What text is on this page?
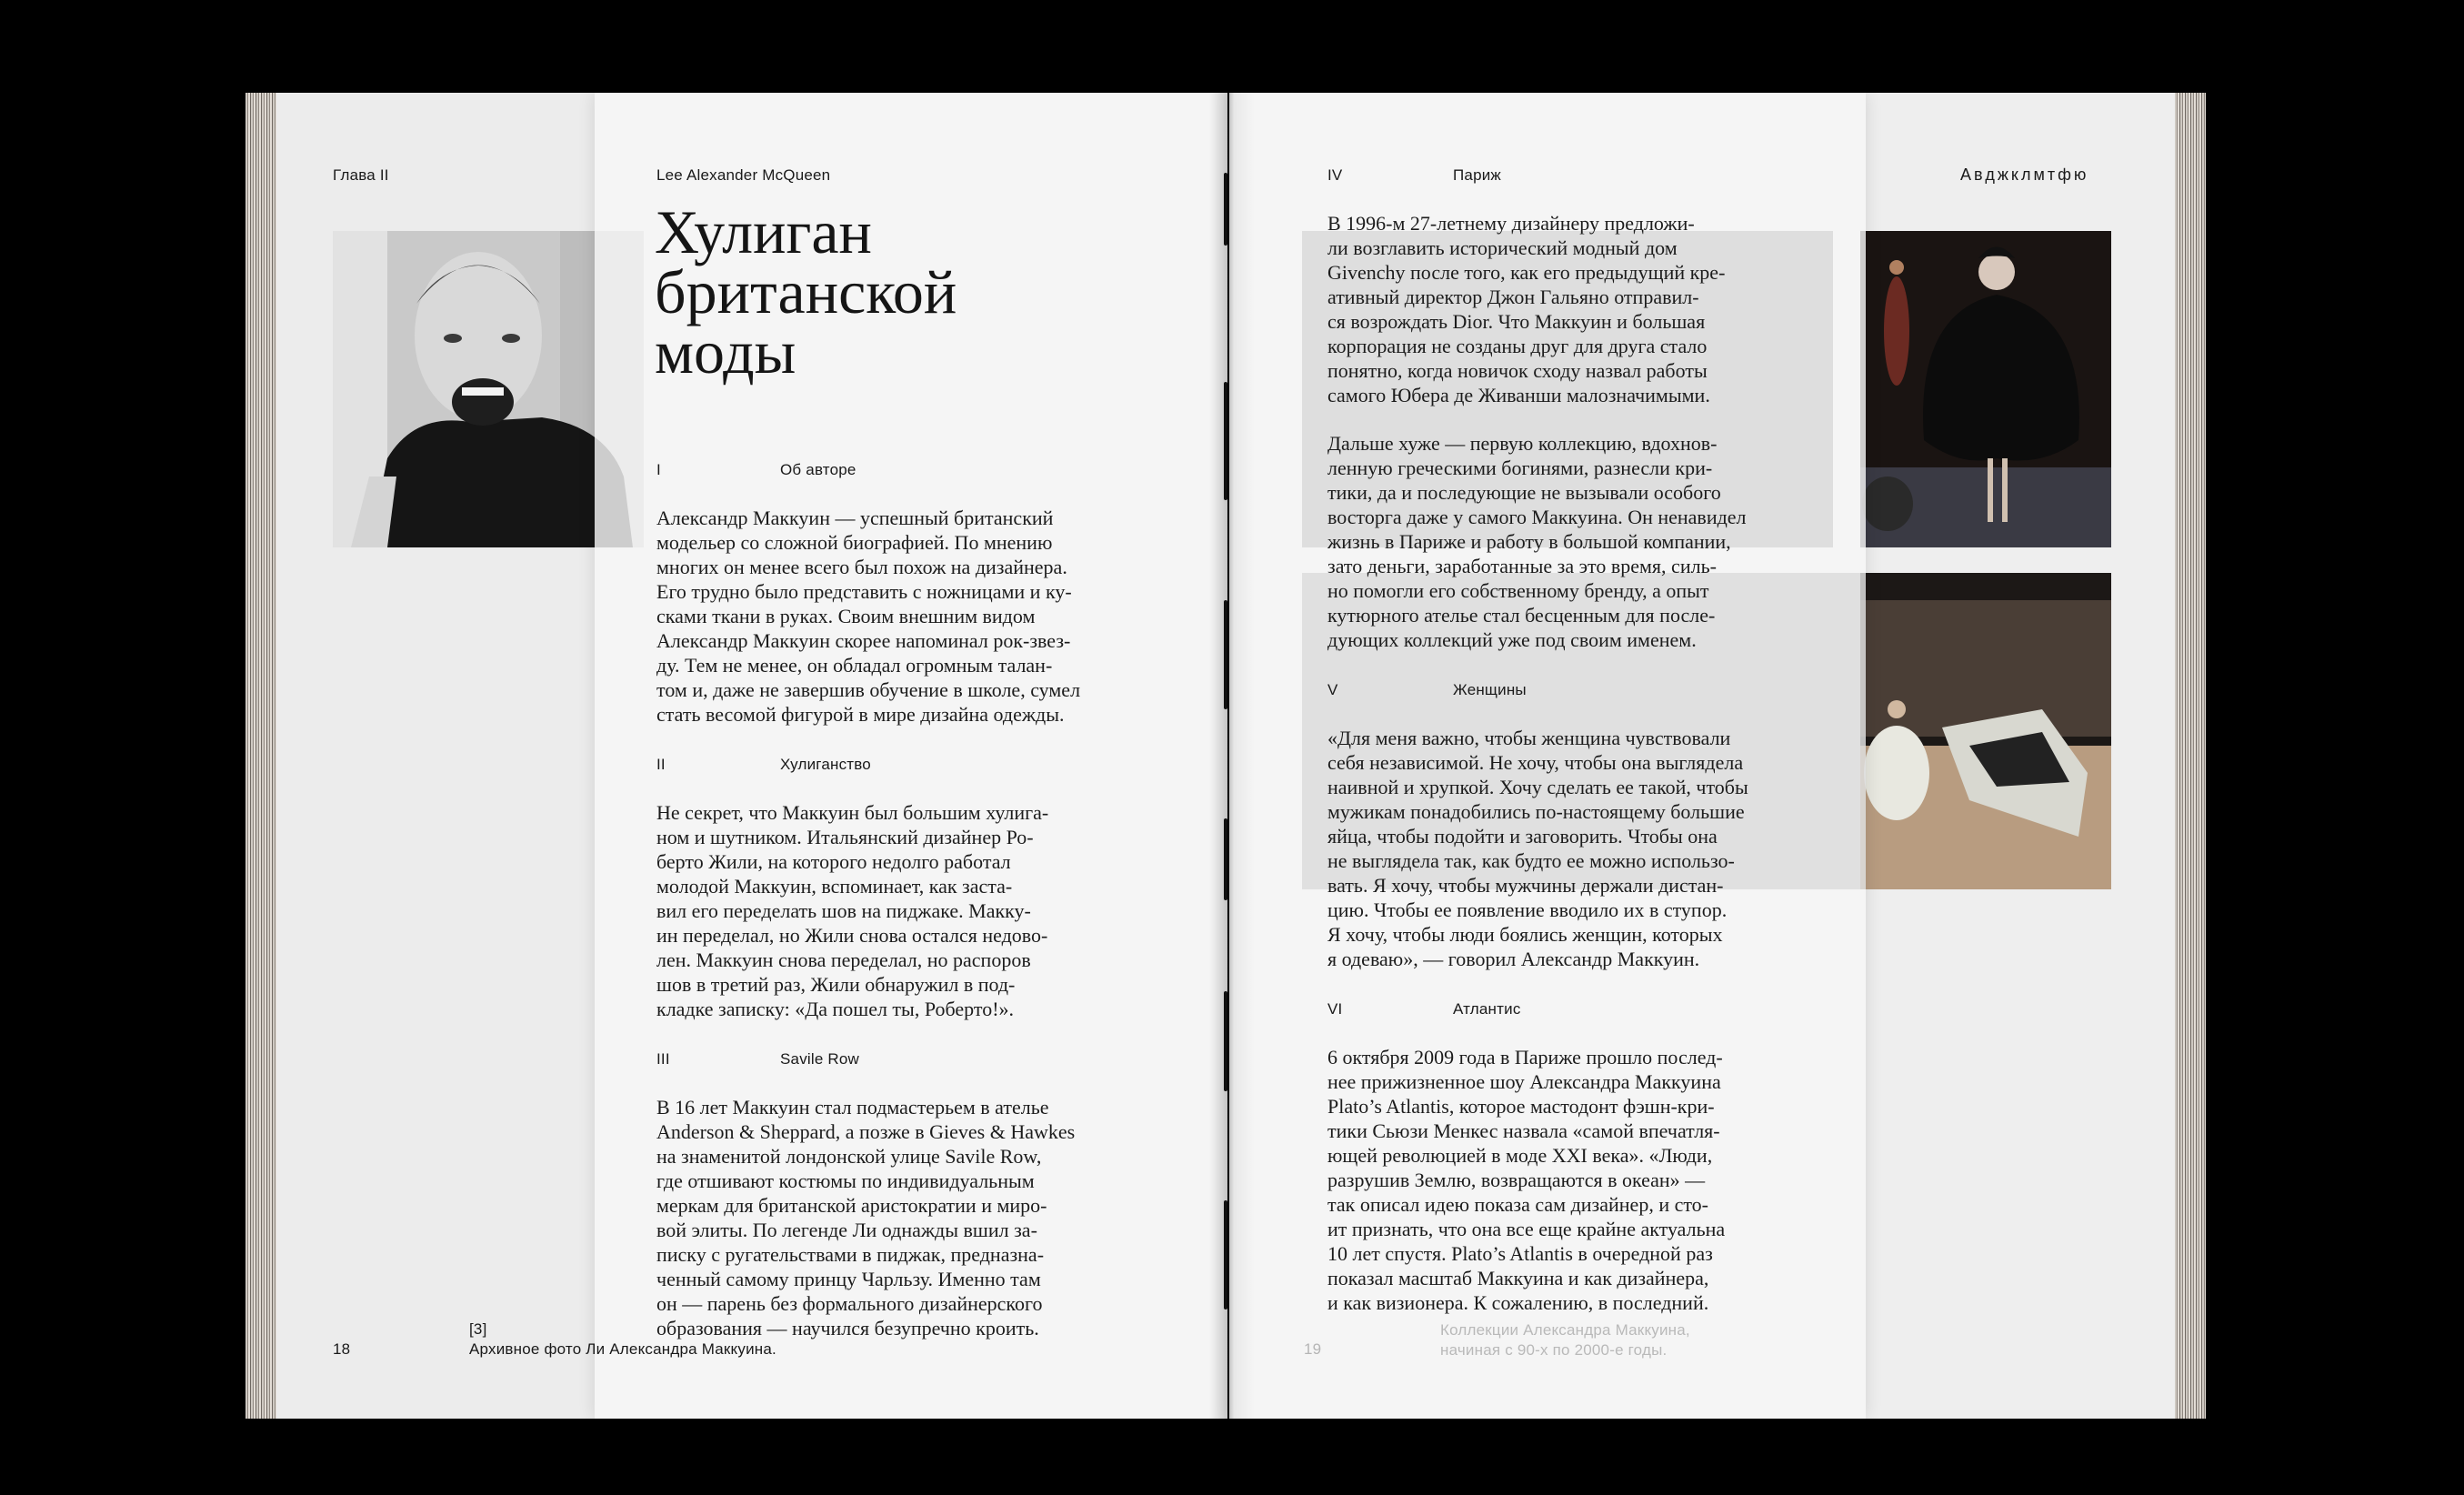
Глава II
18
[3]
Архивное фото Ли Александра Маккуина.
Lee Alexander McQueen
Хулиган
британской
моды
I	Об авторе
Александр Маккуин — успешный британский
модельер со сложной биографией. По мнению
многих он менее всего был похож на дизайнера.
Его трудно было представить с ножницами и ку-
сками ткани в руках. Своим внешним видом
Александр Маккуин скорее напоминал рок-звез-
ду. Тем не менее, он обладал огромным талан-
том и, даже не завершив обучение в школе, сумел
стать весомой фигурой в мире дизайна одежды.
II	Хулиганство
Не секрет, что Маккуин был большим хулига-
ном и шутником. Итальянский дизайнер Ро-
берто Жили, на которого недолго работал
молодой Маккуин, вспоминает, как заста-
вил его переделать шов на пиджаке. Макку-
ин переделал, но Жили снова остался недово-
лен. Маккуин снова переделал, но распоров
шов в третий раз, Жили обнаружил в под-
кладке записку: «Да пошел ты, Роберто!».
III	Savile Row
В 16 лет Маккуин стал подмастерьем в ателье
Anderson & Sheppard, а позже в Gieves & Hawkes
на знаменитой лондонской улице Savile Row,
где отшивают костюмы по индивидуальным
меркам для британской аристократии и миро-
вой элиты. По легенде Ли однажды вшил за-
писку с ругательствами в пиджак, предназна-
ченный самому принцу Чарльзу. Именно там
он — парень без формального дизайнерского
образования — научился безупречно кроить.
Авджклмтфю
19
Коллекции Александра Маккуина,
начиная с 90-х по 2000-е годы.
IV	Париж
В 1996-м 27-летнему дизайнеру предложи-
ли возглавить исторический модный дом
Givenchy после того, как его предыдущий кре-
ативный директор Джон Гальяно отправил-
ся возрождать Dior. Что Маккуин и большая
корпорация не созданы друг для друга стало
понятно, когда новичок сходу назвал работы
самого Юбера де Живанши малозначимыми.
Дальше хуже — первую коллекцию, вдохнов-
ленную греческими богинями, разнесли кри-
тики, да и последующие не вызывали особого
восторга даже у самого Маккуина. Он ненавидел
жизнь в Париже и работу в большой компании,
зато деньги, заработанные за это время, силь-
но помогли его собственному бренду, а опыт
кутюрного ателье стал бесценным для после-
дующих коллекций уже под своим именем.
V	Женщины
«Для меня важно, чтобы женщина чувствовали
себя независимой. Не хочу, чтобы она выглядела
наивной и хрупкой. Хочу сделать ее такой, чтобы
мужикам понадобились по-настоящему большие
яйца, чтобы подойти и заговорить. Чтобы она
не выглядела так, как будто ее можно использо-
вать. Я хочу, чтобы мужчины держали дистан-
цию. Чтобы ее появление вводило их в ступор.
Я хочу, чтобы люди боялись женщин, которых
я одеваю», — говорил Александр Маккуин.
VI	Атлантис
6 октября 2009 года в Париже прошло послед-
нее прижизненное шоу Александра Маккуина
Plato’s Atlantis, которое мастодонт фэшн-кри-
тики Сьюзи Менкес назвала «самой впечатля-
ющей революцией в моде XXI века». «Люди,
разрушив Землю, возвращаются в океан» —
так описал идею показа сам дизайнер, и сто-
ит признать, что она все еще крайне актуальна
10 лет спустя. Plato’s Atlantis в очередной раз
показал масштаб Маккуина и как дизайнера,
и как визионера. К сожалению, в последний.
